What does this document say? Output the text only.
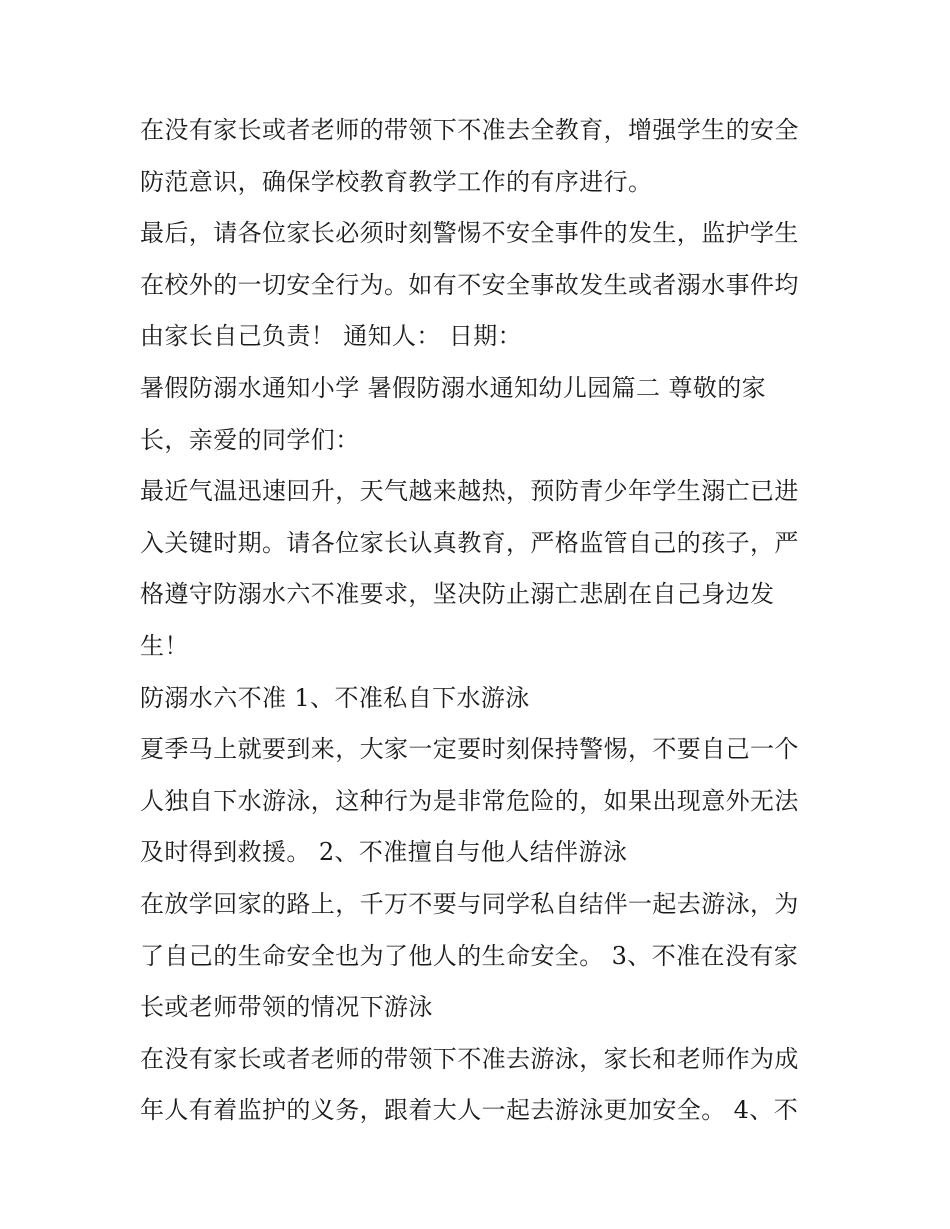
在没有家长或者老师的带领下不准去全教育，增强学生的安全防范意识，确保学校教育教学工作的有序进行。

最后，请各位家长必须时刻警惕不安全事件的发生，监护学生在校外的一切安全行为。如有不安全事故发生或者溺水事件均由家长自己负责！ 通知人： 日期：

暑假防溺水通知小学 暑假防溺水通知幼儿园篇二 尊敬的家
长，亲爱的同学们：

最近气温迅速回升，天气越来越热，预防青少年学生溺亡已进入关键时期。请各位家长认真教育，严格监管自己的孩子，严格遵守防溺水六不准要求，坚决防止溺亡悲剧在自己身边发
生！

防溺水六不准 1、不准私自下水游泳

夏季马上就要到来，大家一定要时刻保持警惕，不要自己一个人独自下水游泳，这种行为是非常危险的，如果出现意外无法及时得到救援。 2、不准擅自与他人结伴游泳

在放学回家的路上，千万不要与同学私自结伴一起去游泳，为了自己的生命安全也为了他人的生命安全。 3、不准在没有家
长或老师带领的情况下游泳

在没有家长或者老师的带领下不准去游泳，家长和老师作为成年人有着监护的义务，跟着大人一起去游泳更加安全。 4、不
